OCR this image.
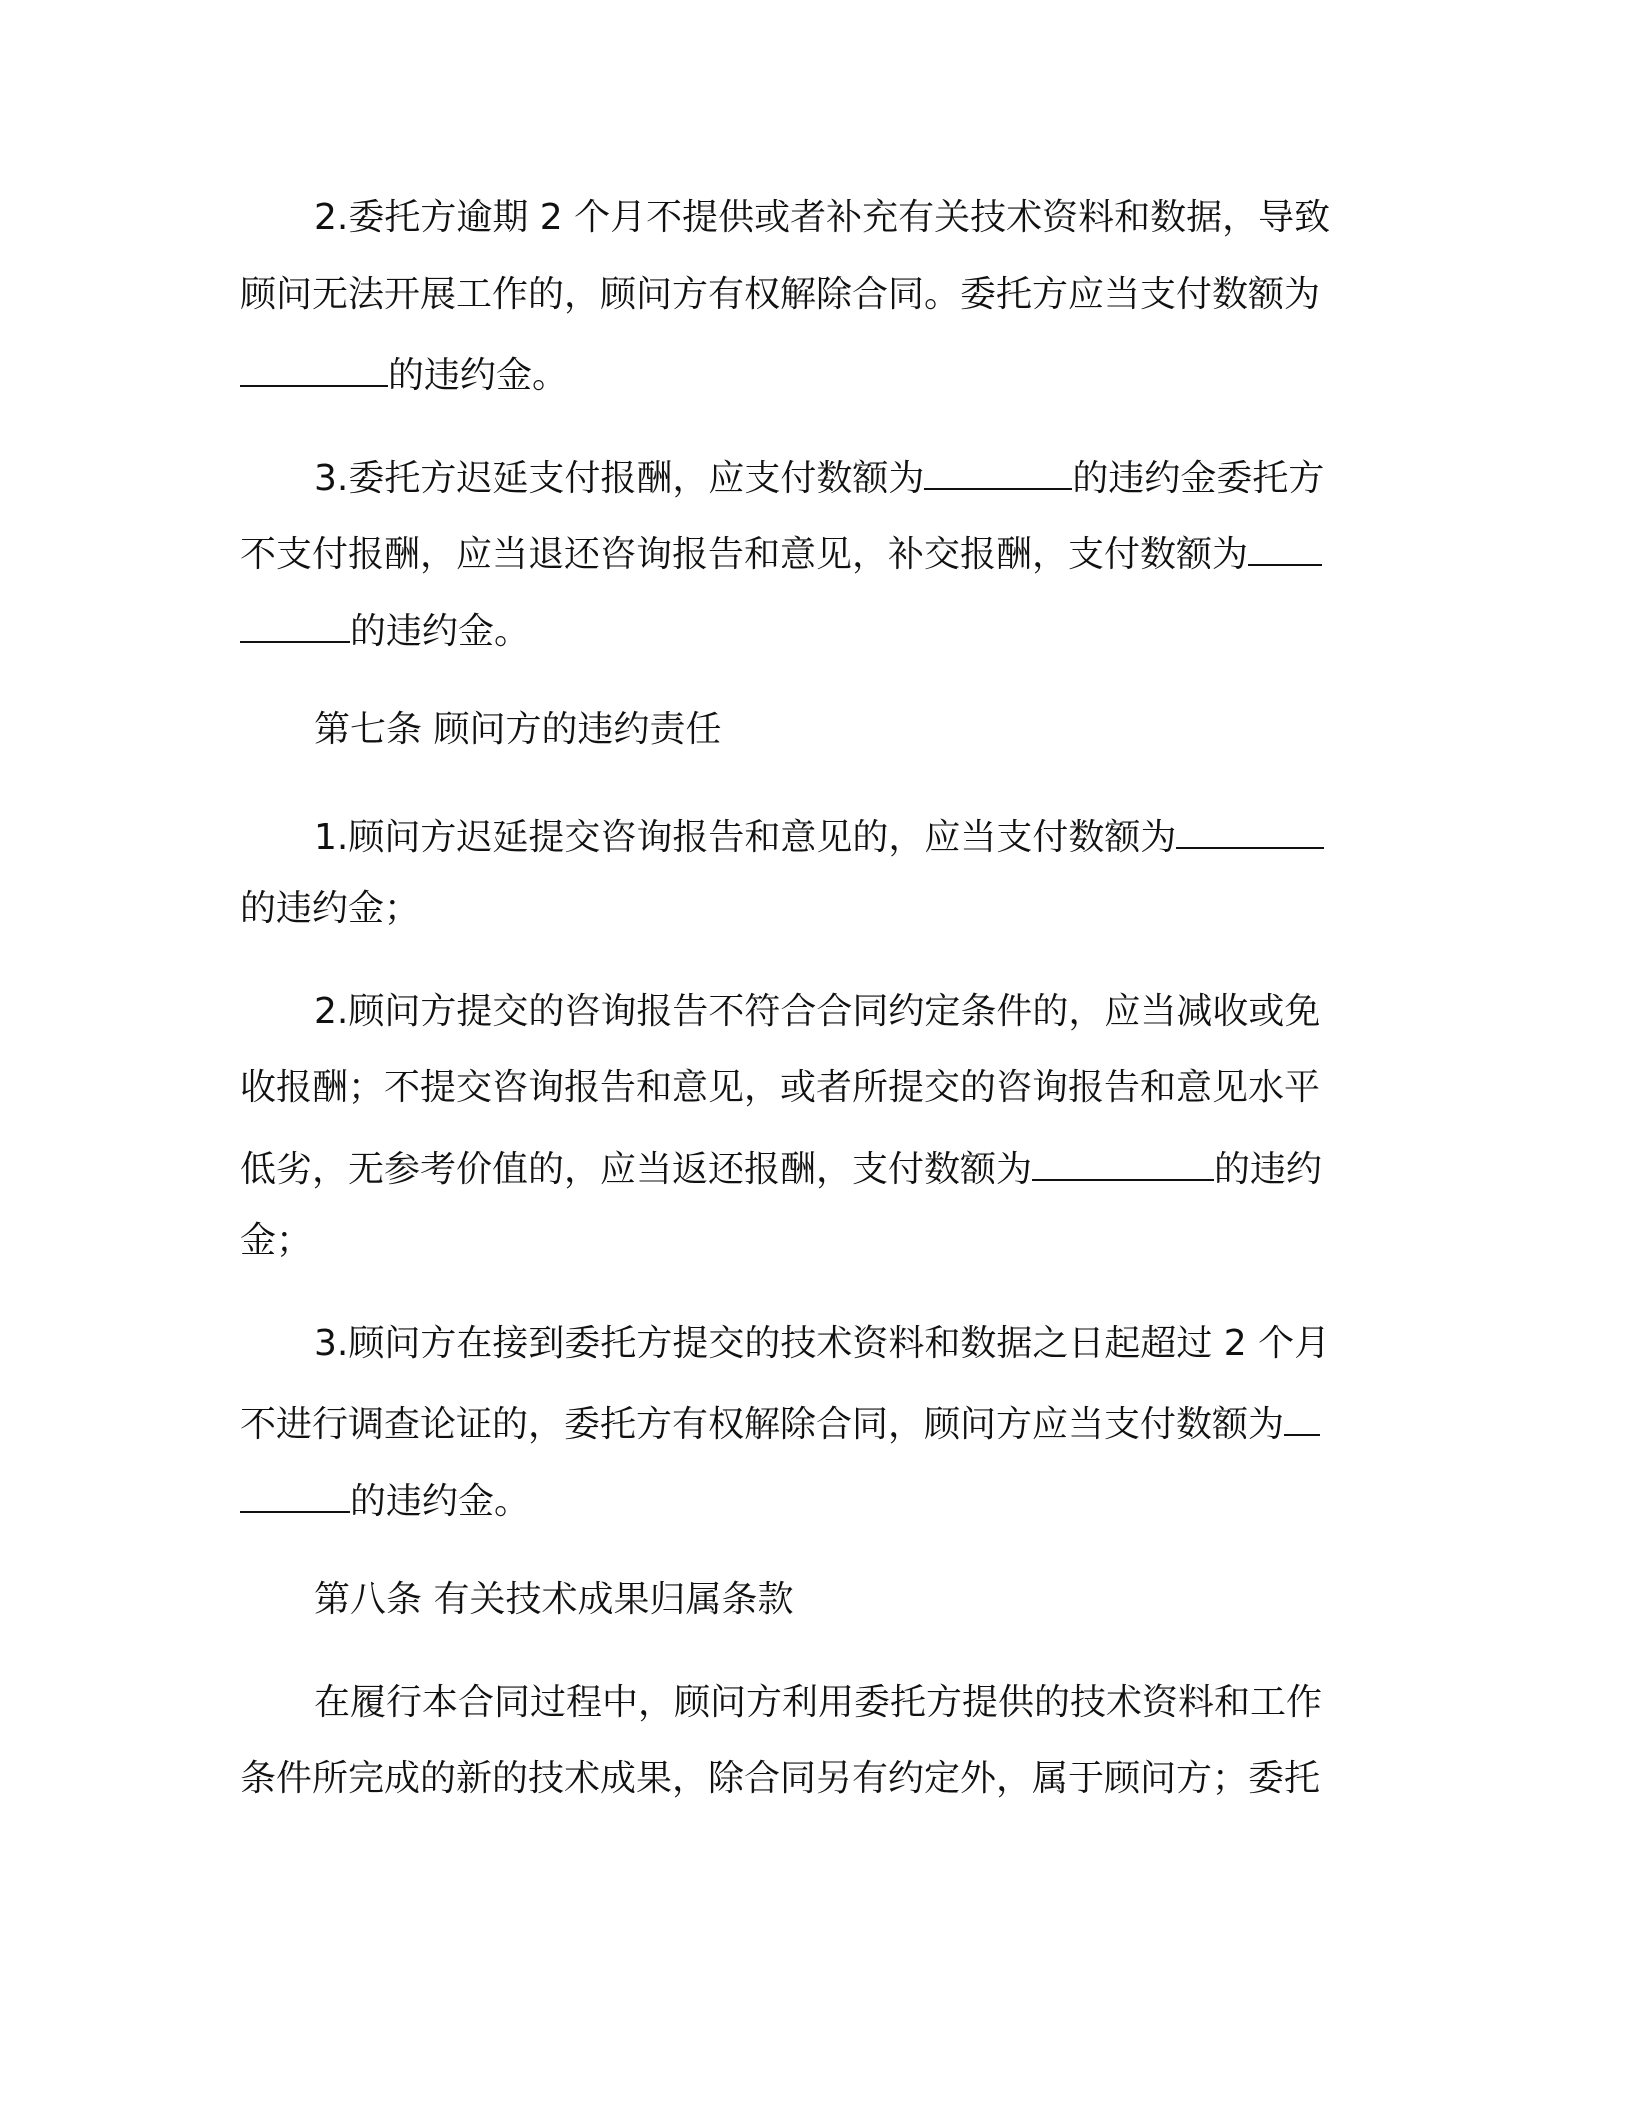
2.委托方逾期 2 个月不提供或者补充有关技术资料和数据，导致
顾问无法开展工作的，顾问方有权解除合同。委托方应当支付数额为
的违约金。
3.委托方迟延支付报酬，应支付数额为	的违约金委托方
不支付报酬，应当退还咨询报告和意见，补交报酬，支付数额为
的违约金。
第七条 顾问方的违约责任
1.顾问方迟延提交咨询报告和意见的，应当支付数额为
的违约金；
2.顾问方提交的咨询报告不符合合同约定条件的，应当减收或免
收报酬；不提交咨询报告和意见，或者所提交的咨询报告和意见水平
低劣，无参考价值的，应当返还报酬，支付数额为	的违约
金；
3.顾问方在接到委托方提交的技术资料和数据之日起超过 2 个月
不进行调查论证的，委托方有权解除合同，顾问方应当支付数额为
的违约金。
第八条 有关技术成果归属条款
在履行本合同过程中，顾问方利用委托方提供的技术资料和工作
条件所完成的新的技术成果，除合同另有约定外，属于顾问方；委托
